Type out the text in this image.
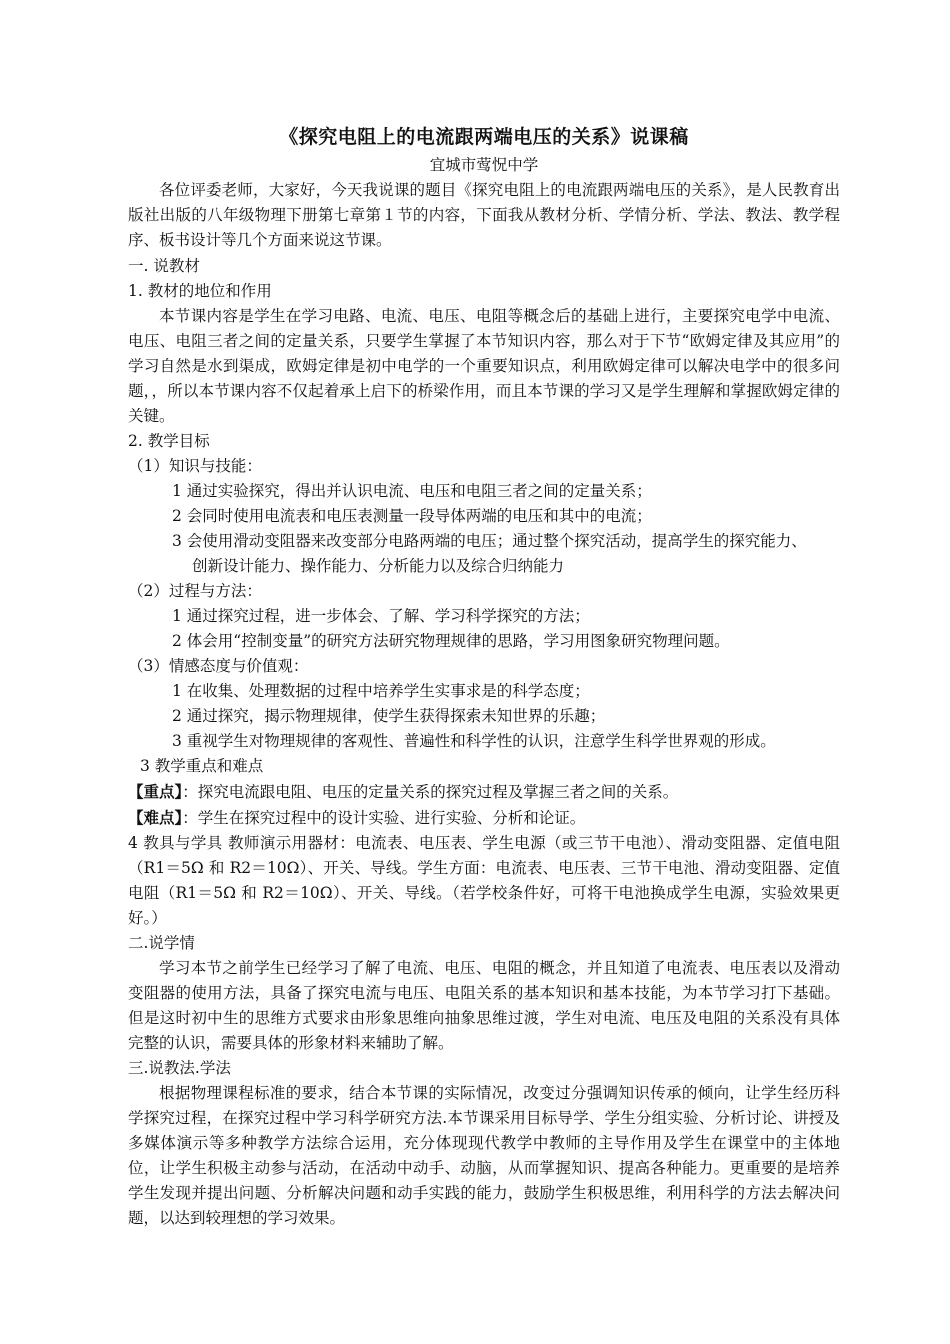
《探究电阻上的电流跟两端电压的关系》说课稿
宜城市莺怳中学

各位评委老师，大家好，今天我说课的题目《探究电阻上的电流跟两端电压的关系》，是人民教育出版社出版的八年级物理下册第七章第１节的内容，下面我从教材分析、学情分析、学法、教法、教学程序、板书设计等几个方面来说这节课。

一. 说教材

1. 教材的地位和作用

本节课内容是学生在学习电路、电流、电压、电阻等概念后的基础上进行，主要探究电学中电流、电压、电阻三者之间的定量关系，只要学生掌握了本节知识内容，那么对于下节“欧姆定律及其应用”的学习自然是水到渠成，欧姆定律是初中电学的一个重要知识点，利用欧姆定律可以解决电学中的很多问题，，所以本节课内容不仅起着承上启下的桥梁作用，而且本节课的学习又是学生理解和掌握欧姆定律的关键。

2. 教学目标

（1）知识与技能：

1 通过实验探究，得出并认识电流、电压和电阻三者之间的定量关系；

2 会同时使用电流表和电压表测量一段导体两端的电压和其中的电流；

3 会使用滑动变阻器来改变部分电路两端的电压；通过整个探究活动，提高学生的探究能力、

创新设计能力、操作能力、分析能力以及综合归纳能力

（2）过程与方法：

1 通过探究过程，进一步体会、了解、学习科学探究的方法；

2 体会用“控制变量”的研究方法研究物理规律的思路，学习用图象研究物理问题。

（3）情感态度与价值观：

1 在收集、处理数据的过程中培养学生实事求是的科学态度；

2 通过探究，揭示物理规律，使学生获得探索未知世界的乐趣；

3 重视学生对物理规律的客观性、普遍性和科学性的认识，注意学生科学世界观的形成。

3 教学重点和难点

【重点】：探究电流跟电阻、电压的定量关系的探究过程及掌握三者之间的关系。

【难点】：学生在探究过程中的设计实验、进行实验、分析和论证。

4 教具与学具 教师演示用器材：电流表、电压表、学生电源（或三节干电池）、滑动变阻器、定值电阻（R1＝5Ω 和 R2＝10Ω）、开关、导线。学生方面：电流表、电压表、三节干电池、滑动变阻器、定值电阻（R1＝5Ω 和 R2＝10Ω）、开关、导线。（若学校条件好，可将干电池换成学生电源，实验效果更好。）

二.说学情

学习本节之前学生已经学习了解了电流、电压、电阻的概念，并且知道了电流表、电压表以及滑动变阻器的使用方法，具备了探究电流与电压、电阻关系的基本知识和基本技能，为本节学习打下基础。但是这时初中生的思维方式要求由形象思维向抽象思维过渡，学生对电流、电压及电阻的关系没有具体完整的认识，需要具体的形象材料来辅助了解。

三.说教法.学法

根据物理课程标准的要求，结合本节课的实际情况，改变过分强调知识传承的倾向，让学生经历科学探究过程，在探究过程中学习科学研究方法.本节课采用目标导学、学生分组实验、分析讨论、讲授及多媒体演示等多种教学方法综合运用，充分体现现代教学中教师的主导作用及学生在课堂中的主体地位，让学生积极主动参与活动，在活动中动手、动脑，从而掌握知识、提高各种能力。更重要的是培养学生发现并提出问题、分析解决问题和动手实践的能力，鼓励学生积极思维，利用科学的方法去解决问题，以达到较理想的学习效果。
